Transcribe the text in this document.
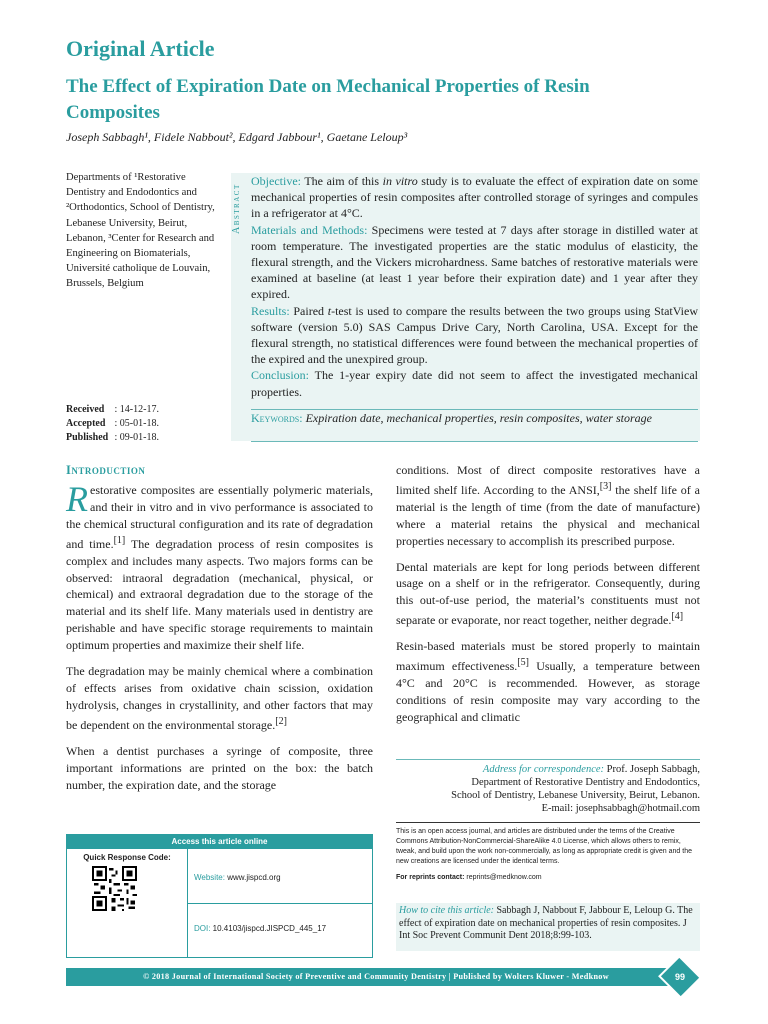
Original Article
The Effect of Expiration Date on Mechanical Properties of Resin Composites
Joseph Sabbagh¹, Fidele Nabbout², Edgard Jabbour¹, Gaetane Leloup³
Departments of ¹Restorative Dentistry and Endodontics and ²Orthodontics, School of Dentistry, Lebanese University, Beirut, Lebanon, ³Center for Research and Engineering on Biomaterials, Université catholique de Louvain, Brussels, Belgium
Received : 14-12-17.
Accepted : 05-01-18.
Published : 09-01-18.
Abstract

Objective: The aim of this in vitro study is to evaluate the effect of expiration date on some mechanical properties of resin composites after controlled storage of syringes and compules in a refrigerator at 4°C.

Materials and Methods: Specimens were tested at 7 days after storage in distilled water at room temperature. The investigated properties are the static modulus of elasticity, the flexural strength, and the Vickers microhardness. Same batches of restorative materials were examined at baseline (at least 1 year before their expiration date) and 1 year after they expired.

Results: Paired t-test is used to compare the results between the two groups using StatView software (version 5.0) SAS Campus Drive Cary, North Carolina, USA. Except for the flexural strength, no statistical differences were found between the mechanical properties of the expired and the unexpired group.

Conclusion: The 1-year expiry date did not seem to affect the investigated mechanical properties.

Keywords: Expiration date, mechanical properties, resin composites, water storage
Introduction

Restorative composites are essentially polymeric materials, and their in vitro and in vivo performance is associated to the chemical structural configuration and its rate of degradation and time.[1] The degradation process of resin composites is complex and includes many aspects. Two majors forms can be observed: intraoral degradation (mechanical, physical, or chemical) and extraoral degradation due to the storage of the material and its shelf life. Many materials used in dentistry are perishable and have specific storage requirements to maintain optimum properties and maximize their shelf life.

The degradation may be mainly chemical where a combination of effects arises from oxidative chain scission, oxidation hydrolysis, changes in crystallinity, and other factors that may be dependent on the environmental storage.[2]

When a dentist purchases a syringe of composite, three important informations are printed on the box: the batch number, the expiration date, and the storage

conditions. Most of direct composite restoratives have a limited shelf life. According to the ANSI,[3] the shelf life of a material is the length of time (from the date of manufacture) where a material retains the physical and mechanical properties necessary to accomplish its prescribed purpose.

Dental materials are kept for long periods between different usage on a shelf or in the refrigerator. Consequently, during this out-of-use period, the material’s constituents must not separate or evaporate, nor react together, neither degrade.[4]

Resin-based materials must be stored properly to maintain maximum effectiveness.[5] Usually, a temperature between 4°C and 20°C is recommended. However, as storage conditions of resin composite may vary according to the geographical and climatic

Address for correspondence: Prof. Joseph Sabbagh,
Department of Restorative Dentistry and Endodontics,
School of Dentistry, Lebanese University, Beirut, Lebanon.
E-mail: josephsabbagh@hotmail.com
This is an open access journal, and articles are distributed under the terms of the Creative Commons Attribution-NonCommercial-ShareAlike 4.0 License, which allows others to remix, tweak, and build upon the work non-commercially, as long as appropriate credit is given and the new creations are licensed under the identical terms.
For reprints contact: reprints@medknow.com
How to cite this article: Sabbagh J, Nabbout F, Jabbour E, Leloup G. The effect of expiration date on mechanical properties of resin composites. J Int Soc Prevent Communit Dent 2018;8:99-103.
Access this article online
Quick Response Code:
Website: www.jispcd.org
DOI: 10.4103/jispcd.JISPCD_445_17
© 2018 Journal of International Society of Preventive and Community Dentistry | Published by Wolters Kluwer - Medknow	99
